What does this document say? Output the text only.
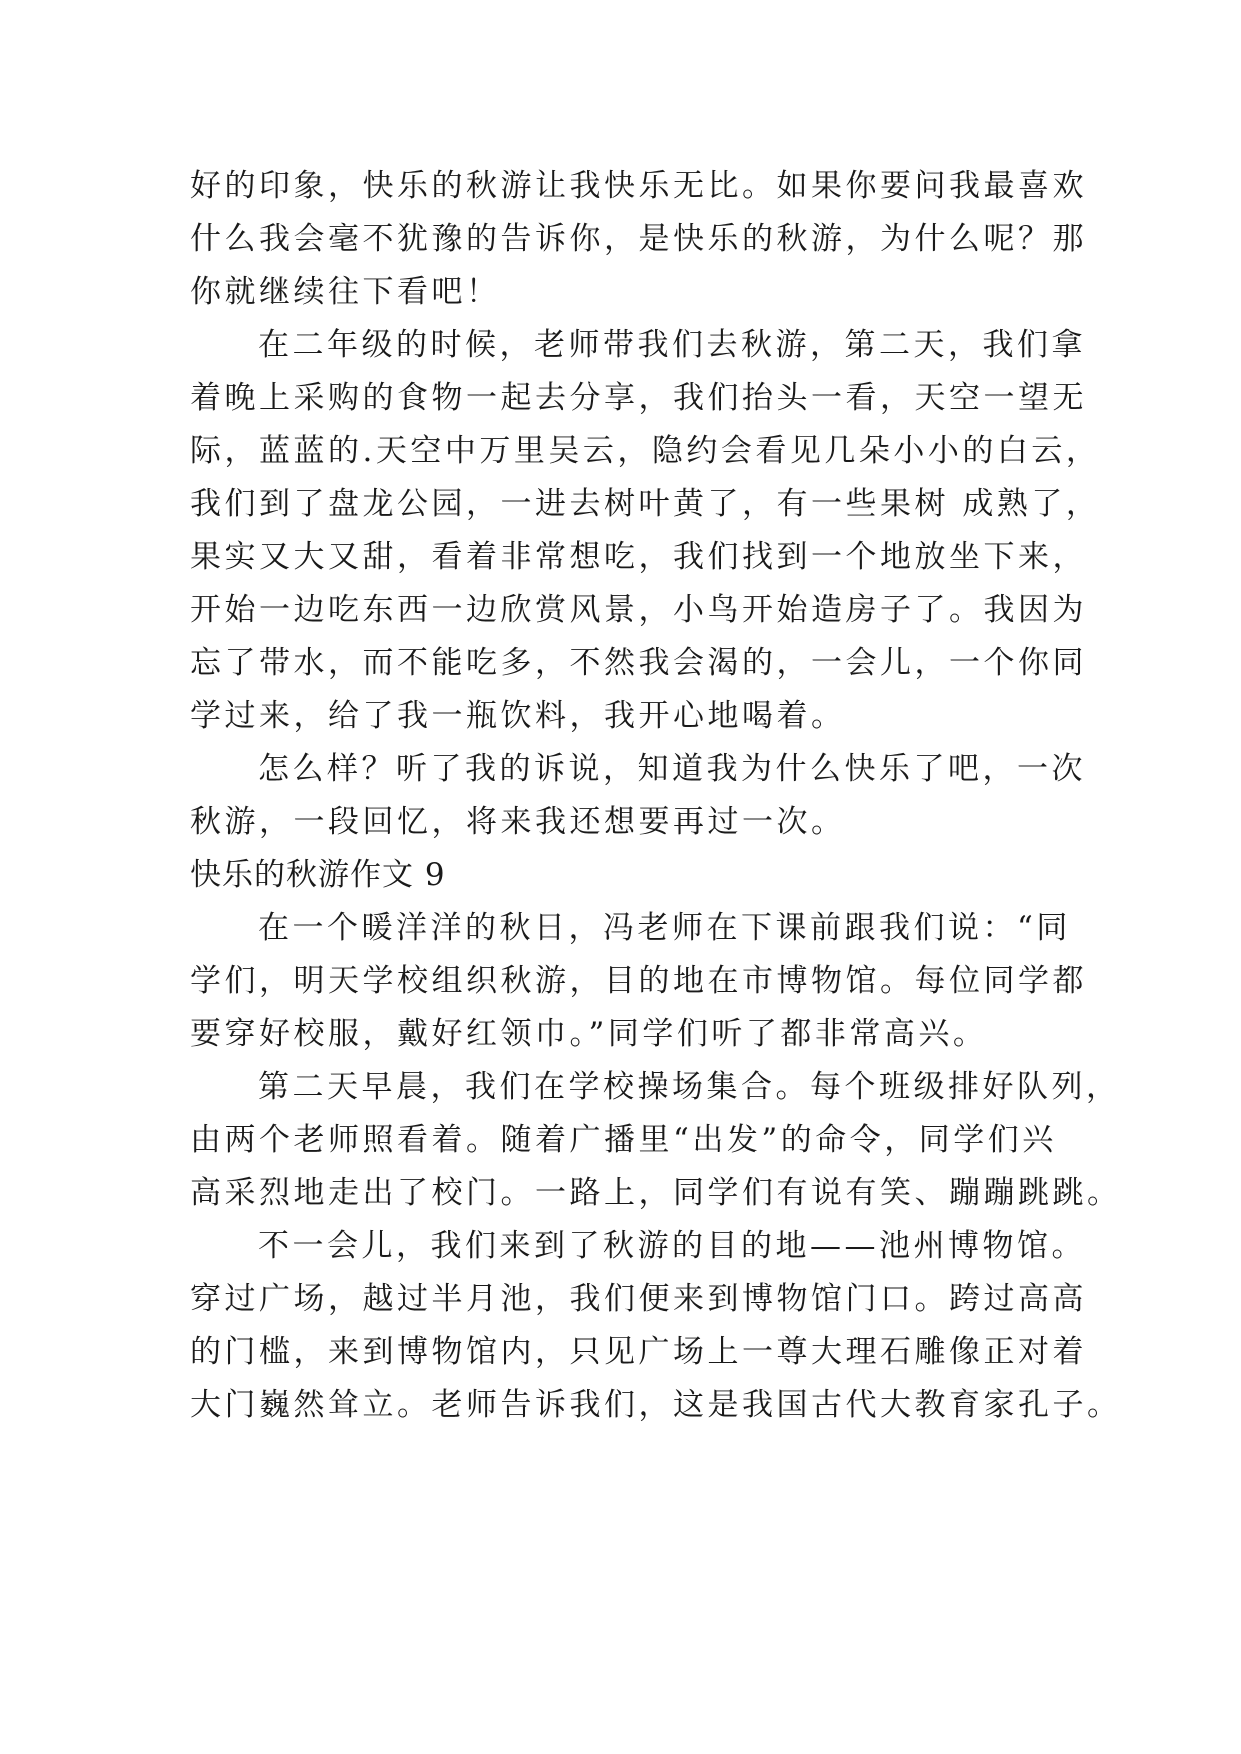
好的印象，快乐的秋游让我快乐无比。如果你要问我最喜欢
什么我会毫不犹豫的告诉你，是快乐的秋游，为什么呢？那
你就继续往下看吧！
在二年级的时候，老师带我们去秋游，第二天，我们拿
着晚上采购的食物一起去分享，我们抬头一看，天空一望无
际，蓝蓝的.天空中万里吴云，隐约会看见几朵小小的白云，
我们到了盘龙公园，一进去树叶黄了，有一些果树 成熟了，
果实又大又甜，看着非常想吃，我们找到一个地放坐下来，
开始一边吃东西一边欣赏风景，小鸟开始造房子了。我因为
忘了带水，而不能吃多，不然我会渴的，一会儿，一个你同
学过来，给了我一瓶饮料，我开心地喝着。
怎么样？听了我的诉说，知道我为什么快乐了吧，一次
秋游，一段回忆，将来我还想要再过一次。
快乐的秋游作文 9
在一个暖洋洋的秋日，冯老师在下课前跟我们说：“同
学们，明天学校组织秋游，目的地在市博物馆。每位同学都
要穿好校服，戴好红领巾。”同学们听了都非常高兴。
第二天早晨，我们在学校操场集合。每个班级排好队列，
由两个老师照看着。随着广播里“出发”的命令，同学们兴
高采烈地走出了校门。一路上，同学们有说有笑、蹦蹦跳跳。
不一会儿，我们来到了秋游的目的地——池州博物馆。
穿过广场，越过半月池，我们便来到博物馆门口。跨过高高
的门槛，来到博物馆内，只见广场上一尊大理石雕像正对着
大门巍然耸立。老师告诉我们，这是我国古代大教育家孔子。
